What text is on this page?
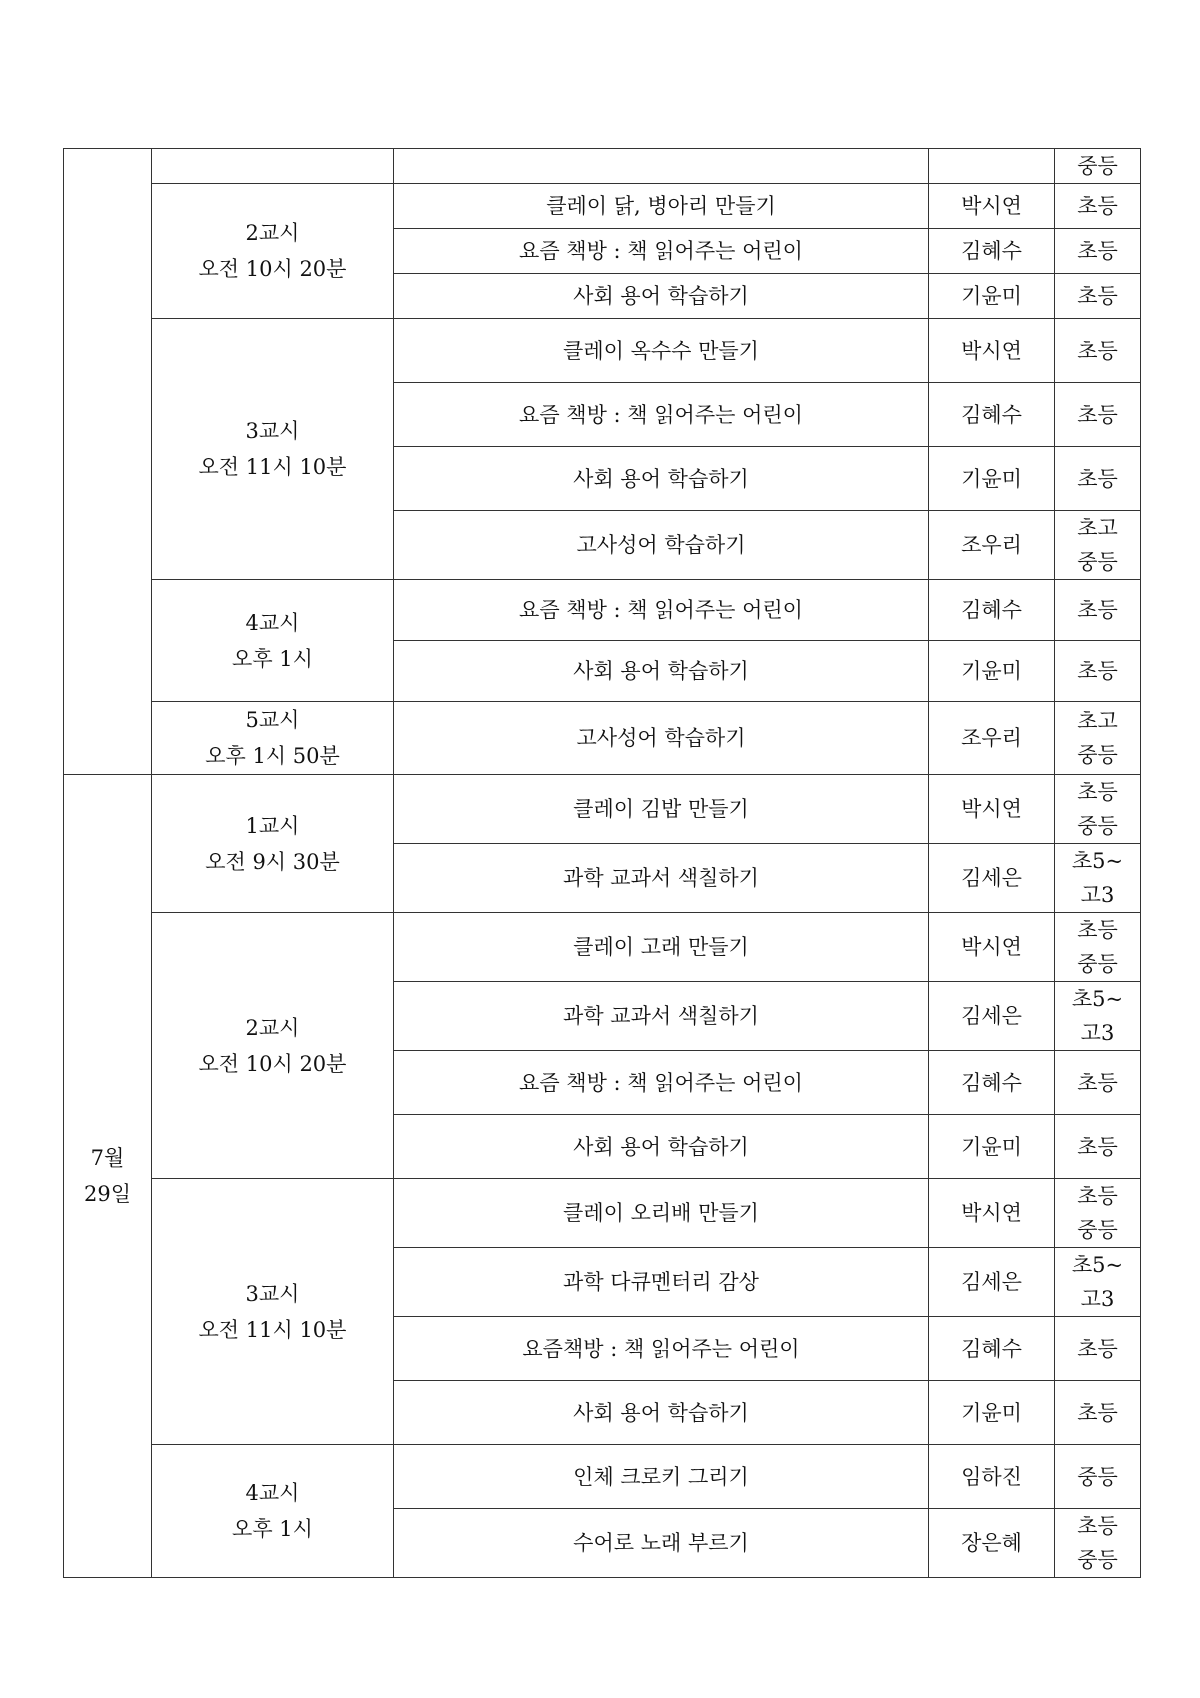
				중등

	2교시
오전 10시 20분	클레이 닭, 병아리 만들기	박시연	초등

		요즘 책방 : 책 읽어주는 어린이	김혜수	초등

		사회 용어 학습하기	기윤미	초등

	3교시
오전 11시 10분	클레이 옥수수 만들기	박시연	초등

		요즘 책방 : 책 읽어주는 어린이	김혜수	초등

		사회 용어 학습하기	기윤미	초등

		고사성어 학습하기	조우리	초고
중등

	4교시
오후 1시	요즘 책방 : 책 읽어주는 어린이	김혜수	초등

		사회 용어 학습하기	기윤미	초등

	5교시
오후 1시 50분	고사성어 학습하기	조우리	초고
중등

7월
29일	1교시
오전 9시 30분	클레이 김밥 만들기	박시연	초등
중등

		과학 교과서 색칠하기	김세은	초5~
고3

	2교시
오전 10시 20분	클레이 고래 만들기	박시연	초등
중등

		과학 교과서 색칠하기	김세은	초5~
고3

		요즘 책방 : 책 읽어주는 어린이	김혜수	초등

		사회 용어 학습하기	기윤미	초등

	3교시
오전 11시 10분	클레이 오리배 만들기	박시연	초등
중등

		과학 다큐멘터리 감상	김세은	초5~
고3

		요즘책방 : 책 읽어주는 어린이	김혜수	초등

		사회 용어 학습하기	기윤미	초등

	4교시
오후 1시	인체 크로키 그리기	임하진	중등

		수어로 노래 부르기	장은혜	초등
중등
